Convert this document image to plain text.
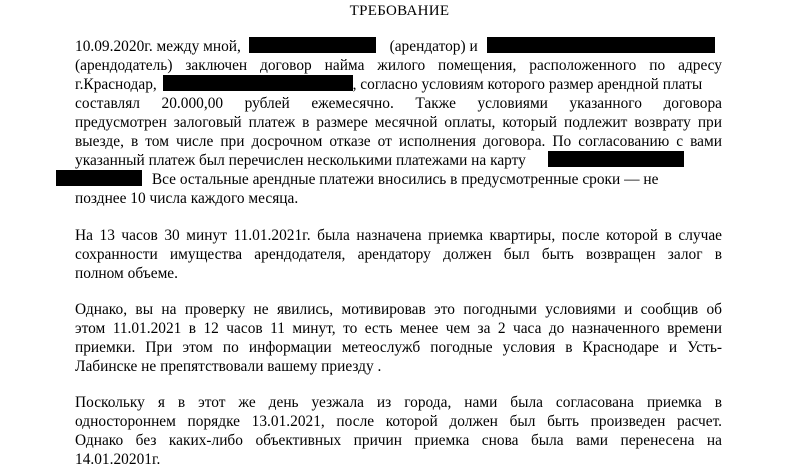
ТРЕБОВАНИЕ
10.09.2020г. между мной,	(арендатор) и
(арендодатель) заключен договор найма жилого помещения, расположенного по адресу
г.Краснодар,	, согласно условиям которого размер арендной платы
составлял 20.000,00 рублей ежемесячно. Также условиями указанного договора
предусмотрен залоговый платеж в размере месячной оплаты, который подлежит возврату при
выезде, в том числе при досрочном отказе от исполнения договора. По согласованию с вами
указанный платеж был перечислен несколькими платежами на карту
Все остальные арендные платежи вносились в предусмотренные сроки — не
позднее 10 числа каждого месяца.
На 13 часов 30 минут 11.01.2021г. была назначена приемка квартиры, после которой в случае
сохранности имущества арендодателя, арендатору должен был быть возвращен залог в
полном объеме.
Однако, вы на проверку не явились, мотивировав это погодными условиями и сообщив об
этом 11.01.2021 в 12 часов 11 минут, то есть менее чем за 2 часа до назначенного времени
приемки. При этом по информации метеослужб погодные условия в Краснодаре и Усть-
Лабинске не препятствовали вашему приезду .
Поскольку я в этот же день уезжала из города, нами была согласована приемка в
одностороннем порядке 13.01.2021, после которой должен был быть произведен расчет.
Однако без каких-либо объективных причин приемка снова была вами перенесена на
14.01.20201г.
